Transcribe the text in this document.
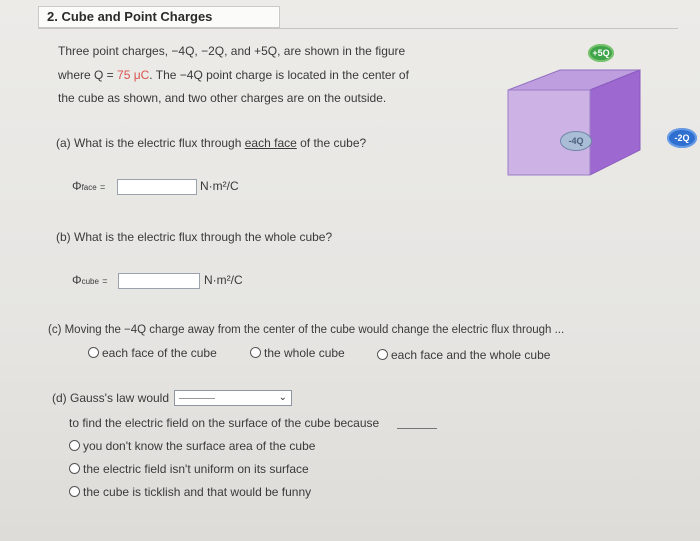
2. Cube and Point Charges
Three point charges, −4Q, −2Q, and +5Q, are shown in the figure
where Q = 75 μC. The −4Q point charge is located in the center of
the cube as shown, and two other charges are on the outside.
(a) What is the electric flux through each face of the cube?
Φface =	N·m²/C
(b) What is the electric flux through the whole cube?
Φcube =	N·m²/C
(c) Moving the −4Q charge away from the center of the cube would change the electric flux through ...
each face of the cube	the whole cube	each face and the whole cube
(d) Gauss's law would	⌄
to find the electric field on the surface of the cube because
you don't know the surface area of the cube
the electric field isn't uniform on its surface
the cube is ticklish and that would be funny
+5Q
-4Q	-2Q
